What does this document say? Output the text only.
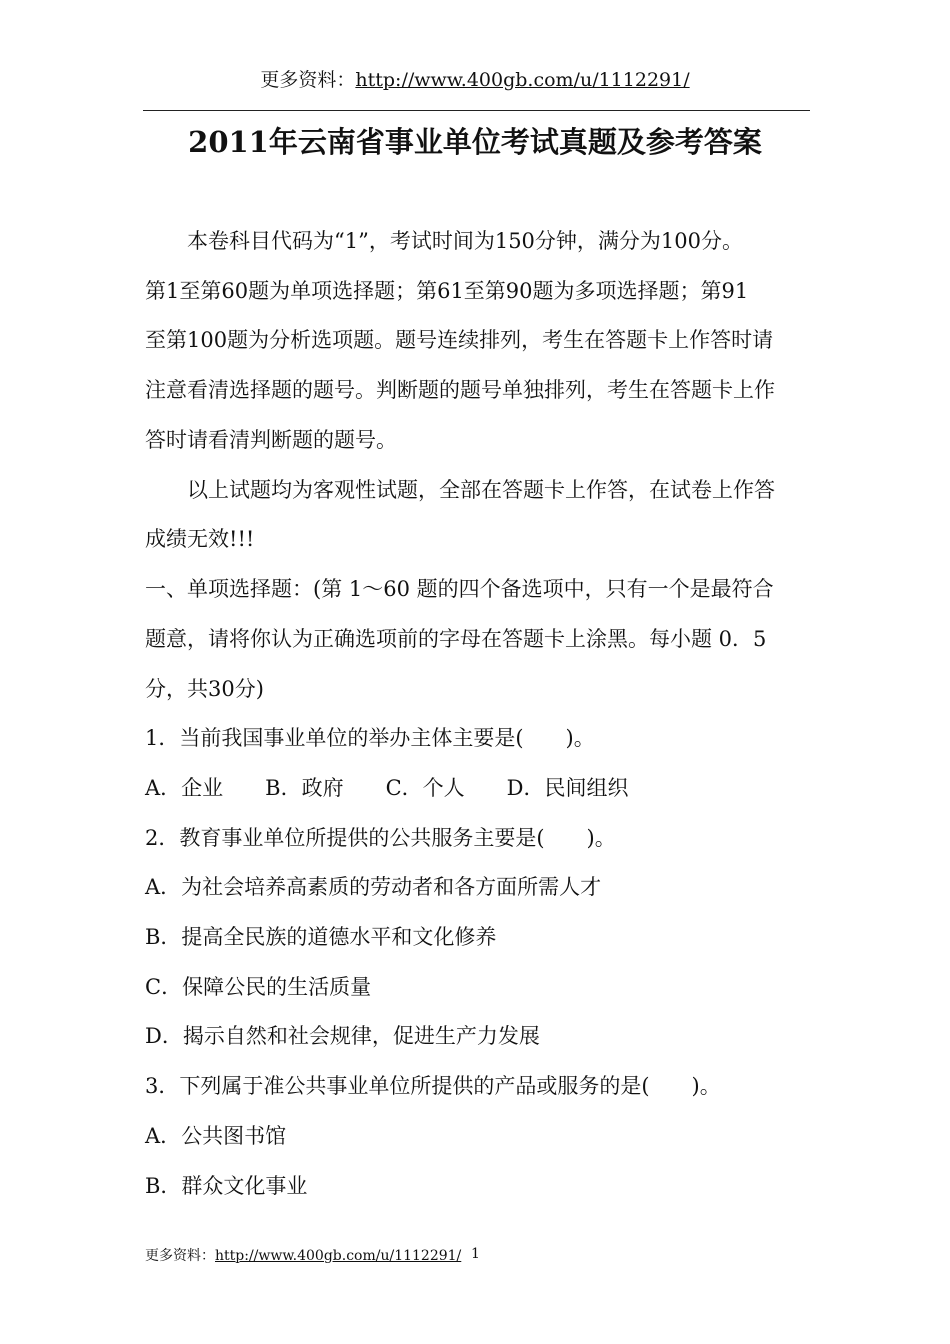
更多资料：http://www.400gb.com/u/1112291/
2011年云南省事业单位考试真题及参考答案
　　本卷科目代码为“1”，考试时间为150分钟，满分为100分。
第1至第60题为单项选择题；第61至第90题为多项选择题；第91
至第100题为分析选项题。题号连续排列，考生在答题卡上作答时请
注意看清选择题的题号。判断题的题号单独排列，考生在答题卡上作
答时请看清判断题的题号。
　　以上试题均为客观性试题，全部在答题卡上作答，在试卷上作答
成绩无效!!!
一、单项选择题：(第 1～60 题的四个备选项中，只有一个是最符合
题意，请将你认为正确选项前的字母在答题卡上涂黑。每小题 0．5
分，共30分)
1．当前我国事业单位的举办主体主要是(　　)。
A．企业　　B．政府　　C．个人　　D．民间组织
2．教育事业单位所提供的公共服务主要是(　　)。
A．为社会培养高素质的劳动者和各方面所需人才
B．提高全民族的道德水平和文化修养
C．保障公民的生活质量
D．揭示自然和社会规律，促进生产力发展
3．下列属于准公共事业单位所提供的产品或服务的是(　　)。
A．公共图书馆
B．群众文化事业
更多资料：http://www.400gb.com/u/1112291/ 1
